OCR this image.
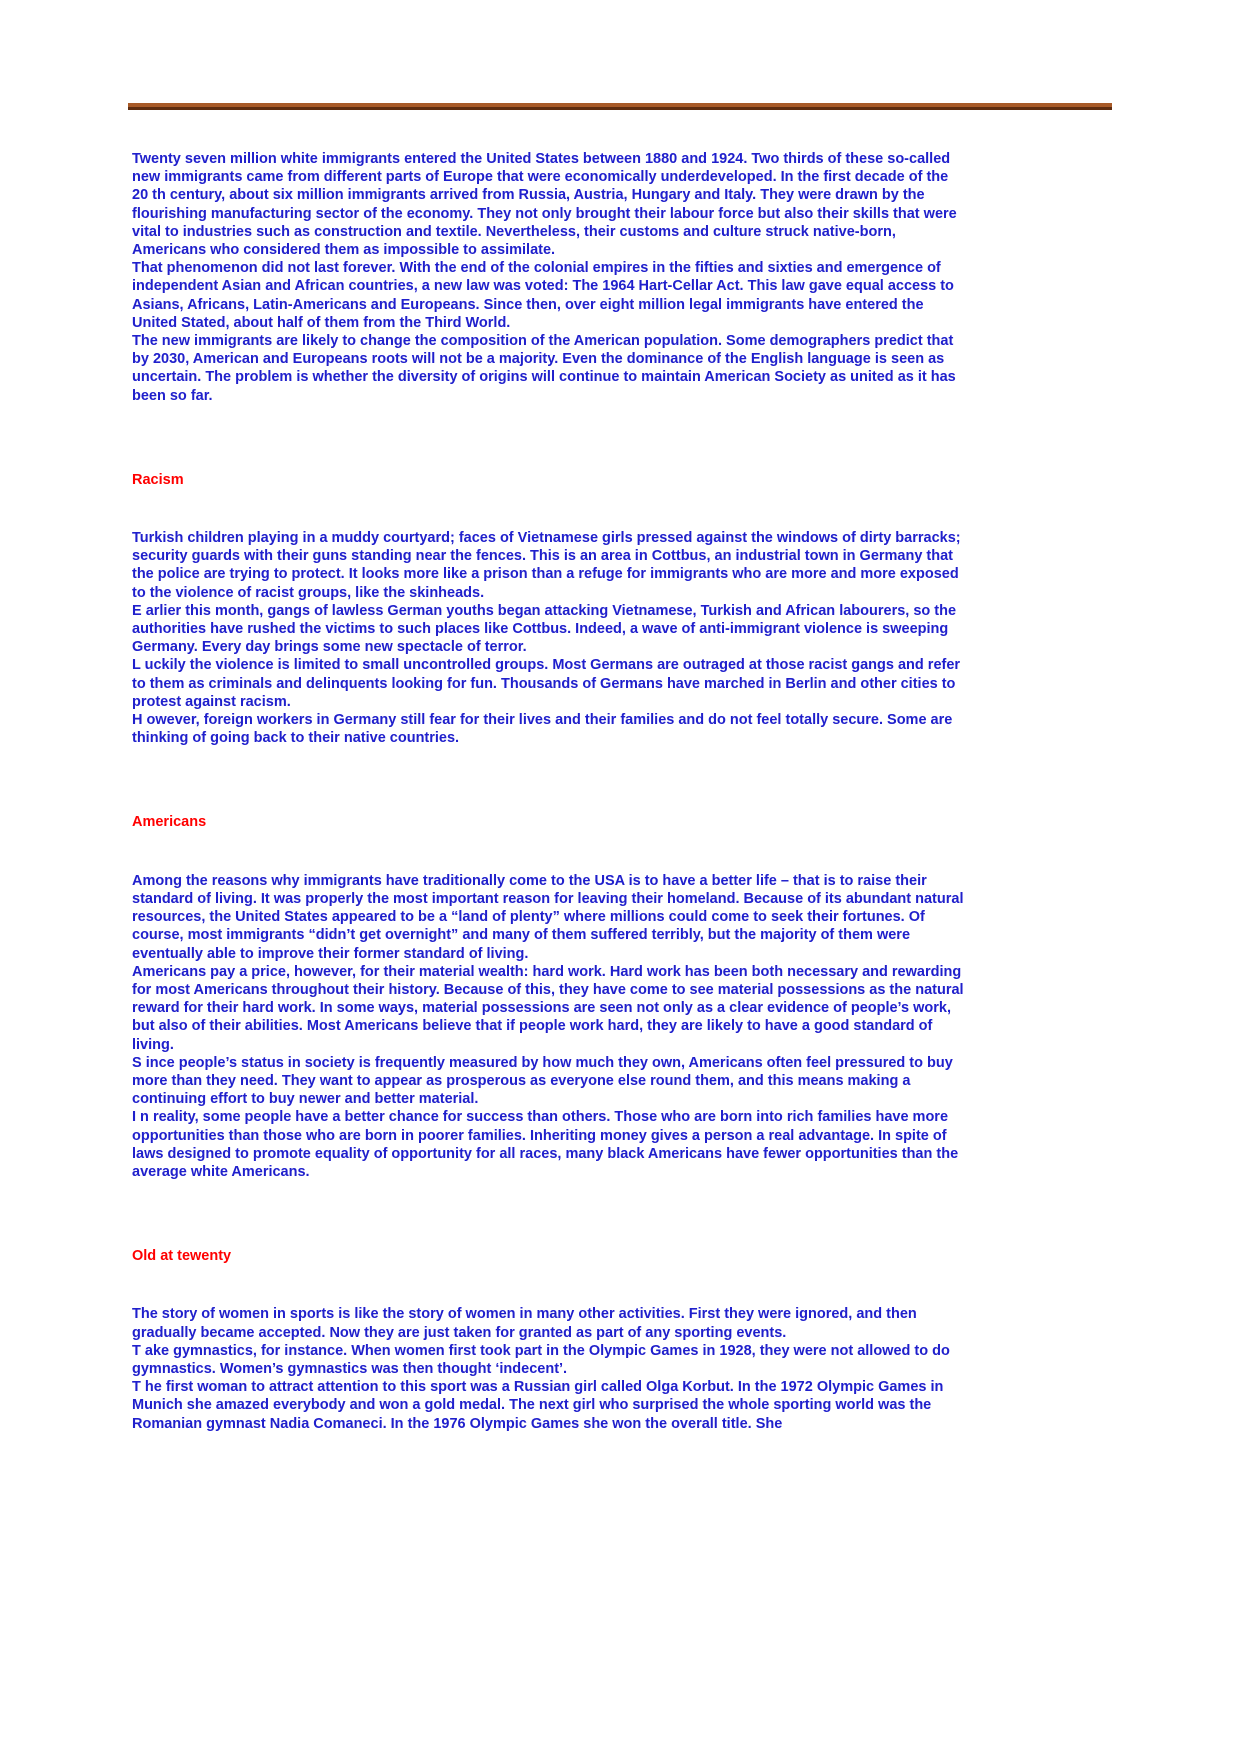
Twenty seven million white immigrants entered the United States between 1880 and 1924. Two thirds of these so-called new immigrants came from different parts of Europe that were economically underdeveloped. In the first decade of the 20 th century, about six million immigrants arrived from Russia, Austria, Hungary and Italy. They were drawn by the flourishing manufacturing sector of the economy. They not only brought their labour force but also their skills that were vital to industries such as construction and textile. Nevertheless, their customs and culture struck native-born, Americans who considered them as impossible to assimilate.

That phenomenon did not last forever. With the end of the colonial empires in the fifties and sixties and emergence of independent Asian and African countries, a new law was voted: The 1964 Hart-Cellar Act. This law gave equal access to Asians, Africans, Latin-Americans and Europeans. Since then, over eight million legal immigrants have entered the United Stated, about half of them from the Third World.

The new immigrants are likely to change the composition of the American population. Some demographers predict that by 2030, American and Europeans roots will not be a majority. Even the dominance of the English language is seen as uncertain. The problem is whether the diversity of origins will continue to maintain American Society as united as it has been so far.

Racism

Turkish children playing in a muddy courtyard; faces of Vietnamese girls pressed against the windows of dirty barracks; security guards with their guns standing near the fences. This is an area in Cottbus, an industrial town in Germany that the police are trying to protect. It looks more like a prison than a refuge for immigrants who are more and more exposed to the violence of racist groups, like the skinheads.

E arlier this month, gangs of lawless German youths began attacking Vietnamese, Turkish and African labourers, so the authorities have rushed the victims to such places like Cottbus. Indeed, a wave of anti-immigrant violence is sweeping Germany. Every day brings some new spectacle of terror.

L uckily the violence is limited to small uncontrolled groups. Most Germans are outraged at those racist gangs and refer to them as criminals and delinquents looking for fun. Thousands of Germans have marched in Berlin and other cities to protest against racism.

H owever, foreign workers in Germany still fear for their lives and their families and do not feel totally secure. Some are thinking of going back to their native countries.

Americans

Among the reasons why immigrants have traditionally come to the USA is to have a better life – that is to raise their standard of living. It was properly the most important reason for leaving their homeland. Because of its abundant natural resources, the United States appeared to be a “land of plenty” where millions could come to seek their fortunes. Of course, most immigrants “didn’t get overnight” and many of them suffered terribly, but the majority of them were eventually able to improve their former standard of living.

Americans pay a price, however, for their material wealth: hard work. Hard work has been both necessary and rewarding for most Americans throughout their history. Because of this, they have come to see material possessions as the natural reward for their hard work. In some ways, material possessions are seen not only as a clear evidence of people’s work, but also of their abilities. Most Americans believe that if people work hard, they are likely to have a good standard of living.

S ince people’s status in society is frequently measured by how much they own, Americans often feel pressured to buy more than they need. They want to appear as prosperous as everyone else round them, and this means making a continuing effort to buy newer and better material.

I n reality, some people have a better chance for success than others. Those who are born into rich families have more opportunities than those who are born in poorer families. Inheriting money gives a person a real advantage. In spite of laws designed to promote equality of opportunity for all races, many black Americans have fewer opportunities than the average white Americans.

Old at tewenty

The story of women in sports is like the story of women in many other activities. First they were ignored, and then gradually became accepted. Now they are just taken for granted as part of any sporting events.

T ake gymnastics, for instance. When women first took part in the Olympic Games in 1928, they were not allowed to do gymnastics. Women’s gymnastics was then thought ‘indecent’.

T he first woman to attract attention to this sport was a Russian girl called Olga Korbut. In the 1972 Olympic Games in Munich she amazed everybody and won a gold medal. The next girl who surprised the whole sporting world was the Romanian gymnast Nadia Comaneci. In the 1976 Olympic Games she won the overall title. She
